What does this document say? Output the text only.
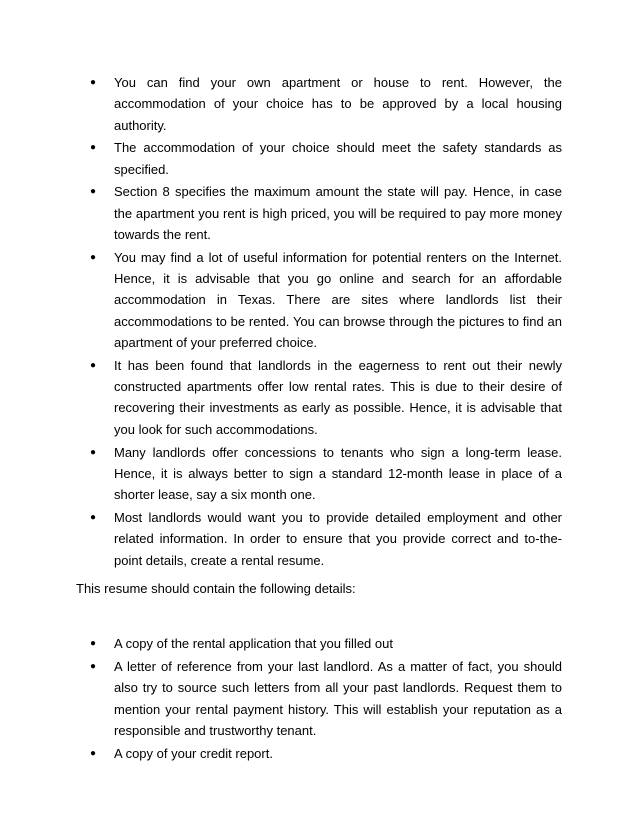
● You can find your own apartment or house to rent. However, the accommodation of your choice has to be approved by a local housing authority.
● The accommodation of your choice should meet the safety standards as specified.
● Section 8 specifies the maximum amount the state will pay. Hence, in case the apartment you rent is high priced, you will be required to pay more money towards the rent.
● You may find a lot of useful information for potential renters on the Internet. Hence, it is advisable that you go online and search for an affordable accommodation in Texas. There are sites where landlords list their accommodations to be rented. You can browse through the pictures to find an apartment of your preferred choice.
● It has been found that landlords in the eagerness to rent out their newly constructed apartments offer low rental rates. This is due to their desire of recovering their investments as early as possible. Hence, it is advisable that you look for such accommodations.
● Many landlords offer concessions to tenants who sign a long-term lease. Hence, it is always better to sign a standard 12-month lease in place of a shorter lease, say a six month one.
● Most landlords would want you to provide detailed employment and other related information. In order to ensure that you provide correct and to-the-point details, create a rental resume.

This resume should contain the following details:

● A copy of the rental application that you filled out
● A letter of reference from your last landlord. As a matter of fact, you should also try to source such letters from all your past landlords. Request them to mention your rental payment history. This will establish your reputation as a responsible and trustworthy tenant.
● A copy of your credit report.
